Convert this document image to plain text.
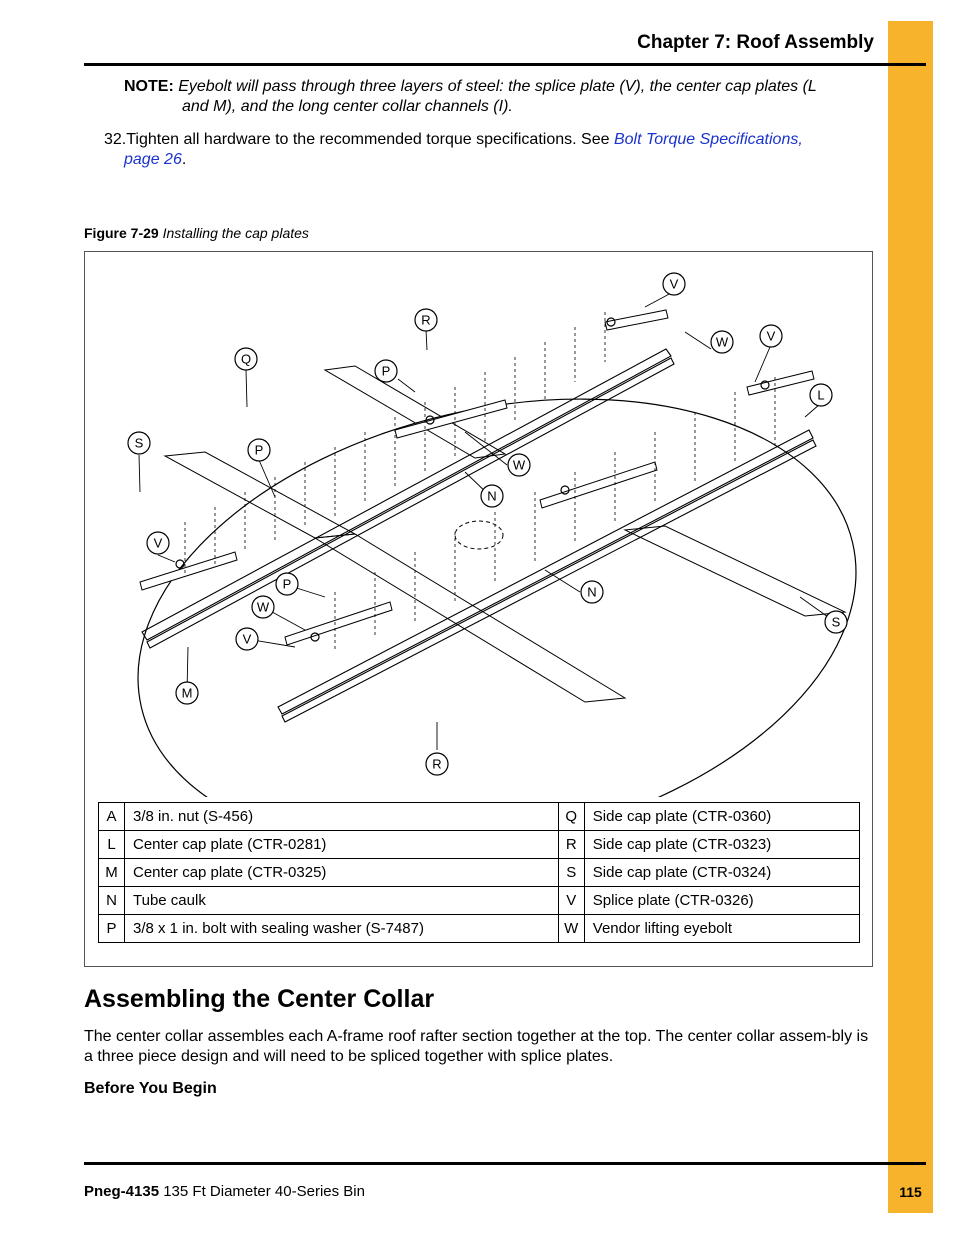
Chapter 7: Roof Assembly
NOTE: Eyebolt will pass through three layers of steel: the splice plate (V), the center cap plates (L
and M), and the long center collar channels (I).
32.Tighten all hardware to the recommended torque specifications. See Bolt Torque Specifications,
page 26.
Figure 7-29 Installing the cap plates
V
R
Q
P
W	V
L
S	P
W
N
V
N
P
W
S
V
M
R
A	3/8 in. nut (S-456)	Q	Side cap plate (CTR-0360)
L	Center cap plate (CTR-0281)	R	Side cap plate (CTR-0323)
M	Center cap plate (CTR-0325)	S	Side cap plate (CTR-0324)
N	Tube caulk	V	Splice plate (CTR-0326)
P	3/8 x 1 in. bolt with sealing washer (S-7487)	W	Vendor lifting eyebolt
Assembling the Center Collar
The center collar assembles each A-frame roof rafter section together at the top. The center collar assem-bly is a three piece design and will need to be spliced together with splice plates.
Before You Begin
Pneg-4135 135 Ft Diameter 40-Series Bin	115
